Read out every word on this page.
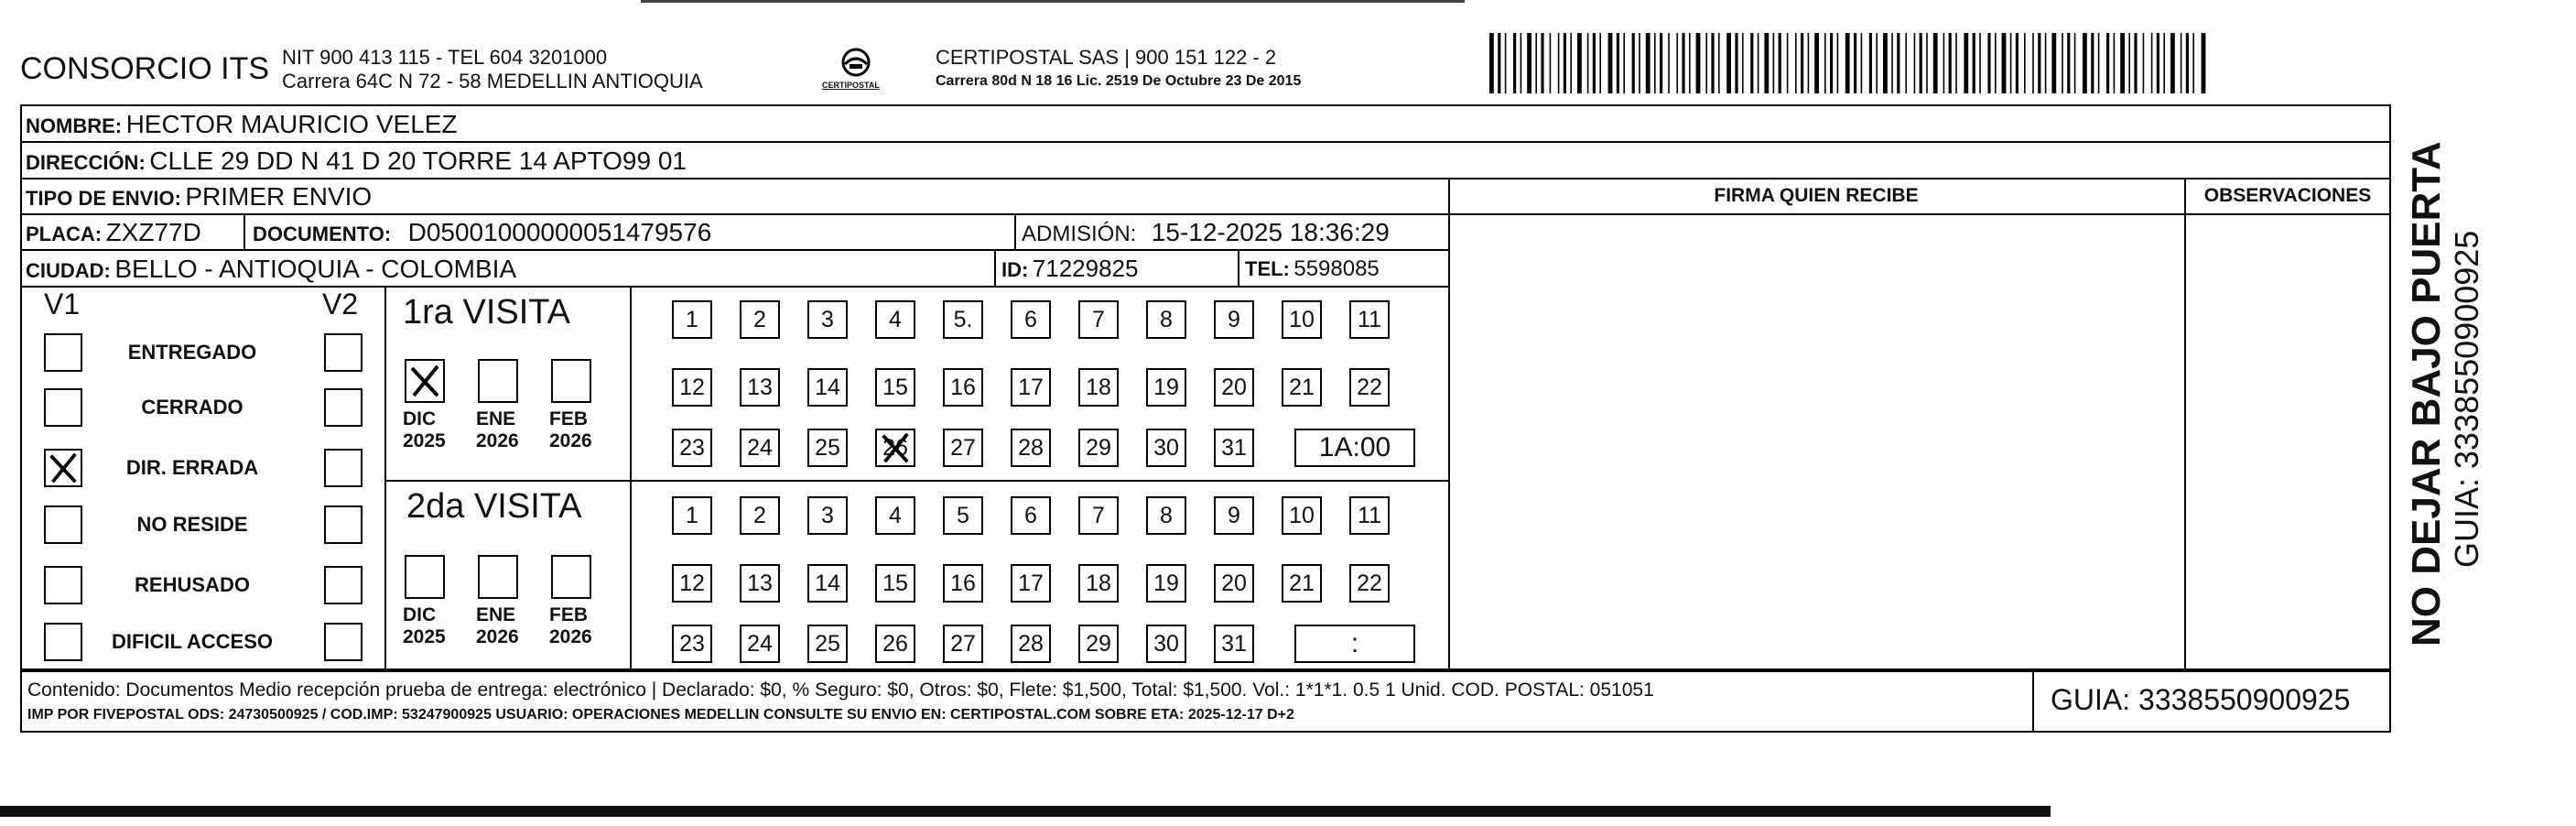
CONSORCIO ITS NIT 900 413 115 - TEL 604 3201000
Carrera 64C N 72 - 58 MEDELLIN ANTIOQUIA	CERTIPOSTAL
CERTIPOSTAL SAS | 900 151 122 - 2
Carrera 80d N 18 16 Lic. 2519 De Octubre 23 De 2015
NOMBRE: HECTOR MAURICIO VELEZ
DIRECCIÓN: CLLE 29 DD N 41 D 20 TORRE 14 APTO99 01
TIPO DE ENVIO: PRIMER ENVIO
PLACA: ZXZ77D	DOCUMENTO: D05001000000051479576	ADMISIÓN: 15-12-2025 18:36:29
CIUDAD: BELLO - ANTIOQUIA - COLOMBIA	ID: 71229825	TEL: 5598085
FIRMA QUIEN RECIBE	OBSERVACIONES
V1	V2 1ra VISITA
2da VISITA
Contenido: Documentos Medio recepción prueba de entrega: electrónico | Declarado: $0, % Seguro: $0, Otros: $0, Flete: $1,500, Total: $1,500. Vol.: 1*1*1. 0.5 1 Unid. COD. POSTAL: 051051
IMP POR FIVEPOSTAL ODS: 24730500925 / COD.IMP: 53247900925 USUARIO: OPERACIONES MEDELLIN CONSULTE SU ENVIO EN: CERTIPOSTAL.COM SOBRE ETA: 2025-12-17 D+2	GUIA: 3338550900925
NO DEJAR BAJO PUERTA GUIA: 3338550900925
ENTREGADO
CERRADO
DIR. ERRADA
NO RESIDE
REHUSADO
DIFICIL ACCESO
DIC
2025
ENE
2026
FEB
2026
DIC
2025
ENE
2026
FEB
2026
1	2	3	4	5.	6	7	8	9	10	11
12	13	14	15	16	17	18	19	20	21	22
23	24	25	26	27	28	29	30	31	1A:00
1	2	3	4	5	6	7	8	9	10	11
12	13	14	15	16	17	18	19	20	21	22
23	24	25	26	27	28	29	30	31	:
